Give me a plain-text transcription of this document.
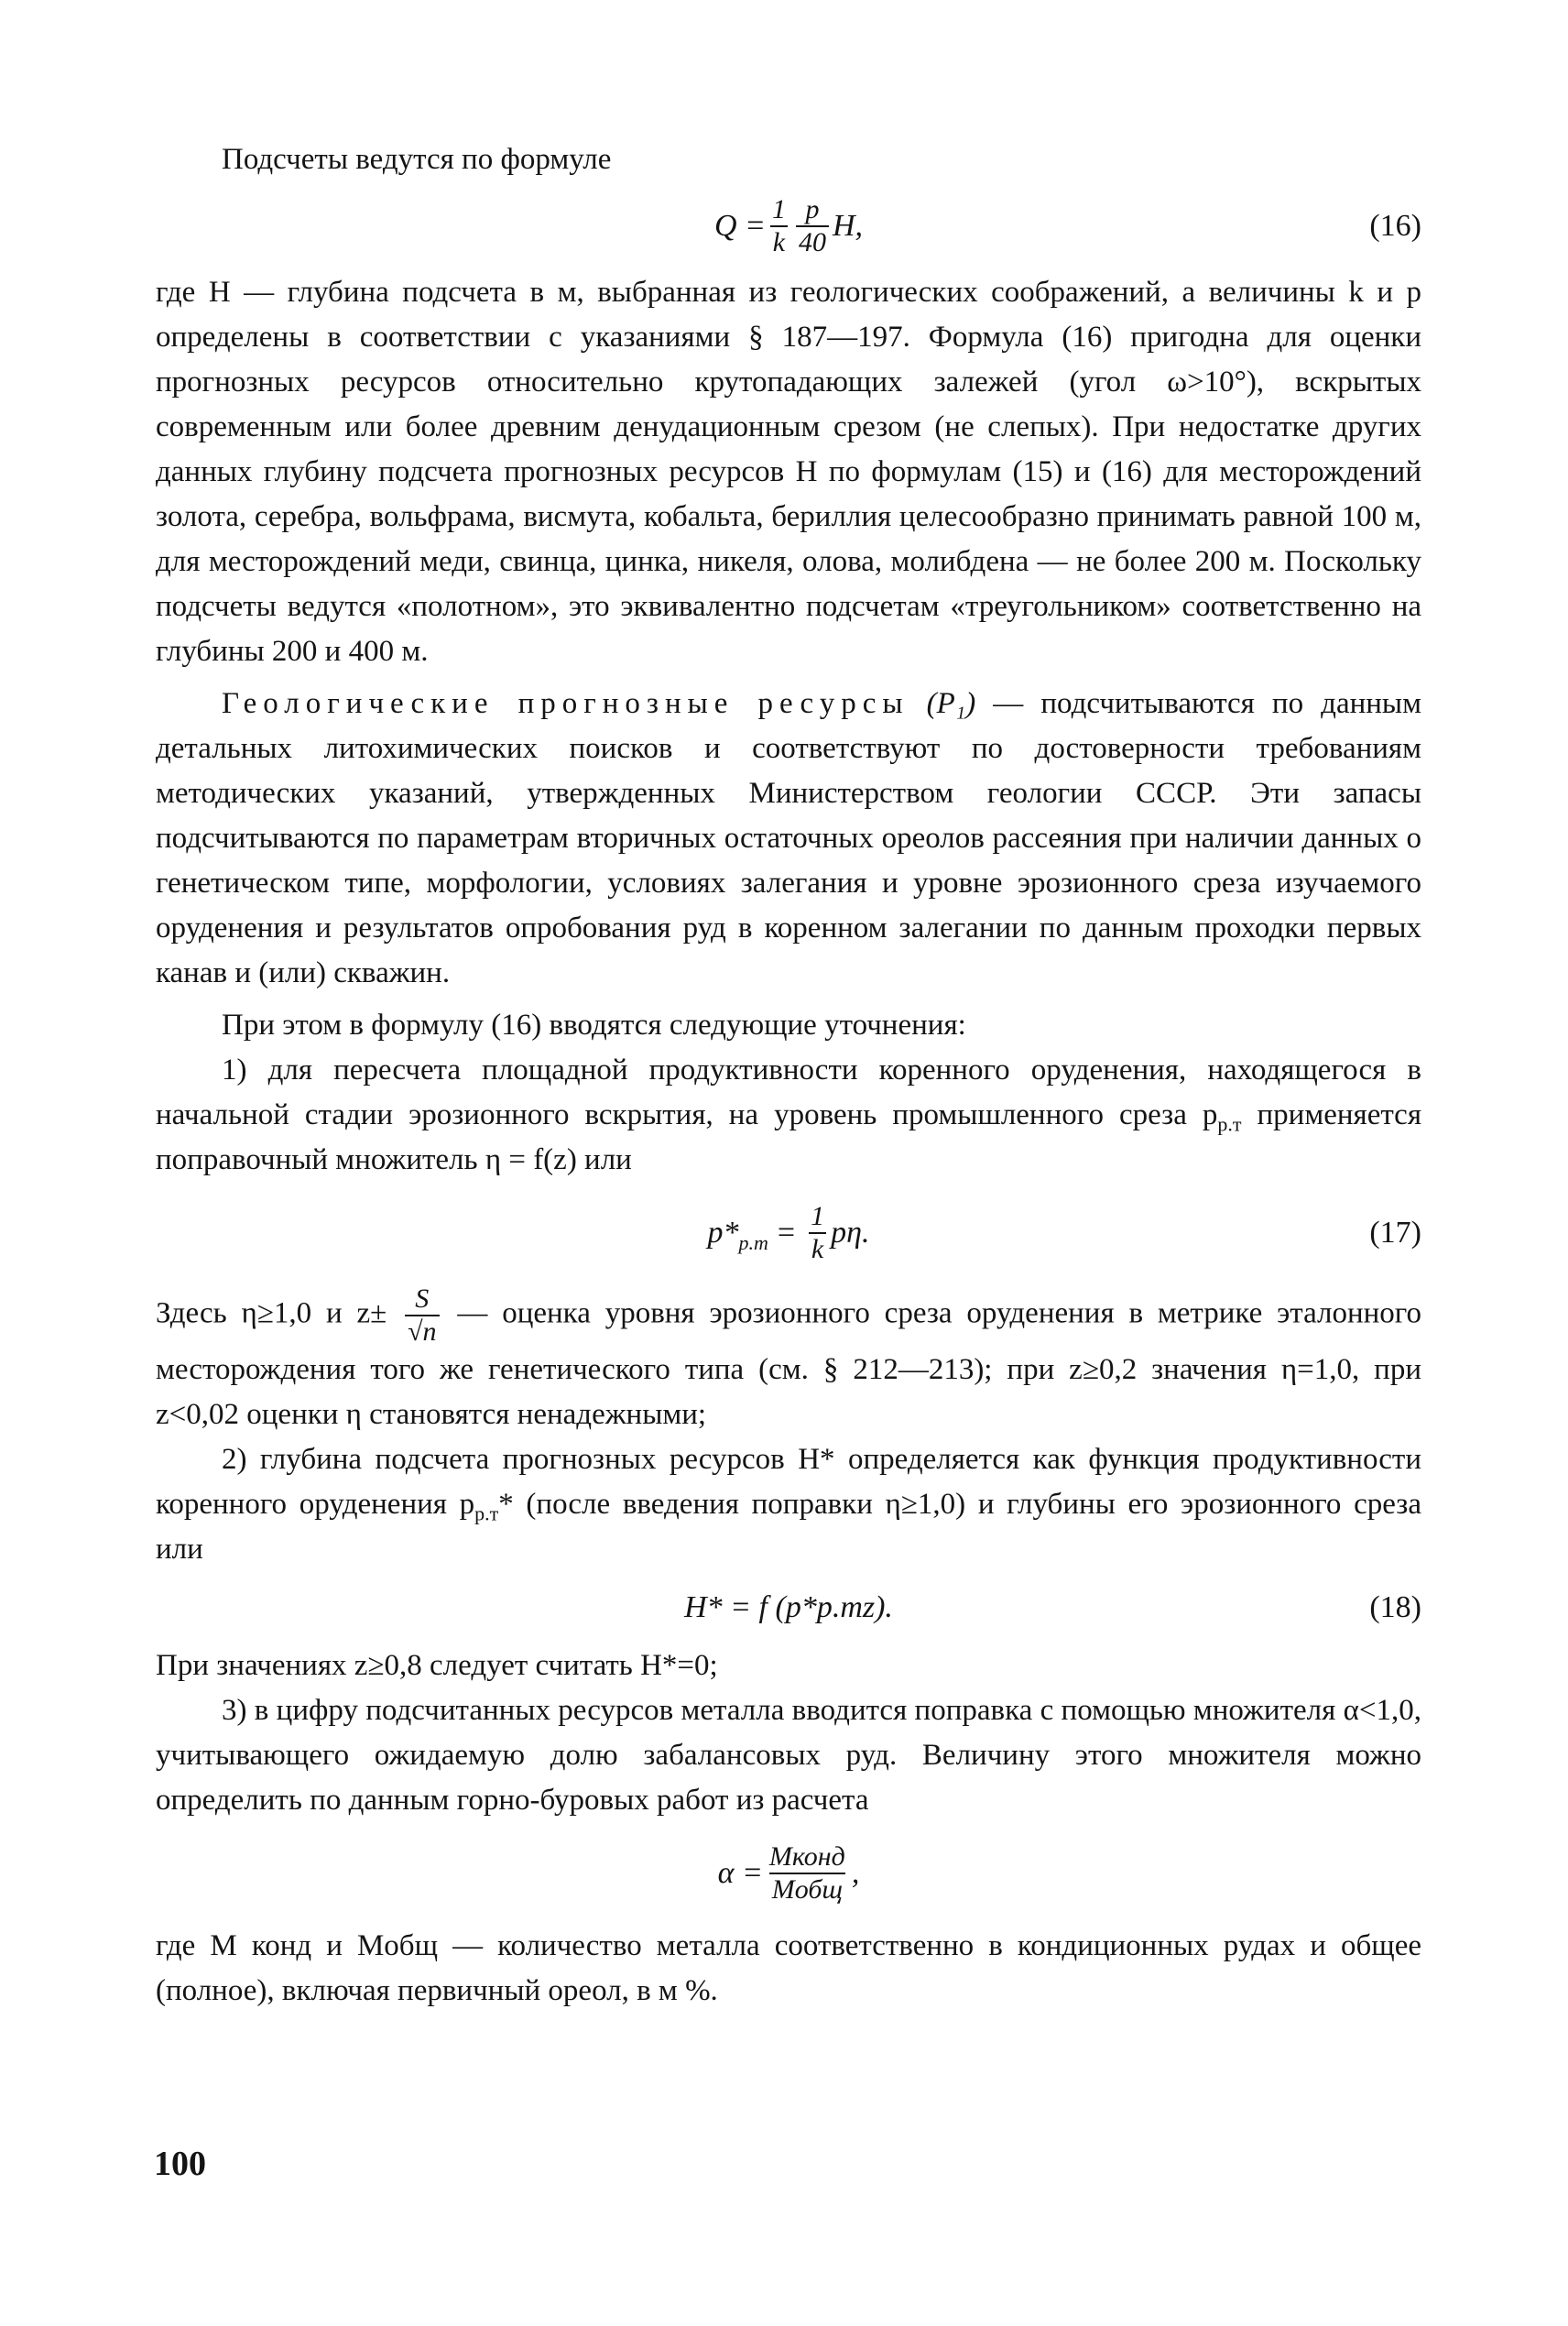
Подсчеты ведутся по формуле

$Q = \frac{1}{k} \frac{p}{40} H$,	(16)

где H — глубина подсчета в м, выбранная из геологических соображений, а величины k и p определены в соответствии с указаниями § 187—197. Формула (16) пригодна для оценки прогнозных ресурсов относительно крутопадающих залежей (угол ω>10°), вскрытых современным или более древним денудационным срезом (не слепых). При недостатке других данных глубину подсчета прогнозных ресурсов H по формулам (15) и (16) для месторождений золота, серебра, вольфрама, висмута, кобальта, бериллия целесообразно принимать равной 100 м, для месторождений меди, свинца, цинка, никеля, олова, молибдена — не более 200 м. Поскольку подсчеты ведутся «полотном», это эквивалентно подсчетам «треугольником» соответственно на глубины 200 и 400 м.

Геологические прогнозные ресурсы (P₁) — подсчитываются по данным детальных литохимических поисков и соответствуют по достоверности требованиям методических указаний, утвержденных Министерством геологии СССР. Эти запасы подсчитываются по параметрам вторичных остаточных ореолов рассеяния при наличии данных о генетическом типе, морфологии, условиях залегания и уровне эрозионного среза изучаемого оруденения и результатов опробования руд в коренном залегании по данным проходки первых канав и (или) скважин.

При этом в формулу (16) вводятся следующие уточнения:

1) для пересчета площадной продуктивности коренного оруденения, находящегося в начальной стадии эрозионного вскрытия, на уровень промышленного среза $p_{р.т}$ применяется поправочный множитель η = f(z) или

$p*_{р.т} = \frac{1}{k} p\eta$.	(17)

Здесь η≥1,0 и $z\pm \frac{S}{√n}$ — оценка уровня эрозионного среза оруденения в метрике эталонного месторождения того же генетического типа (см. § 212—213); при z≥0,2 значения η=1,0, при z<0,02 оценки η становятся ненадежными;

2) глубина подсчета прогнозных ресурсов H* определяется как функция продуктивности коренного оруденения $p_{р.т}*$ (после введения поправки η≥1,0) и глубины его эрозионного среза или

H* = f (p*р.тz).	(18)

При значениях z≥0,8 следует считать H*=0;

3) в цифру подсчитанных ресурсов металла вводится поправка с помощью множителя α<1,0, учитывающего ожидаемую долю забалансовых руд. Величину этого множителя можно определить по данным горно-буровых работ из расчета

$\alpha = \frac{\text{Mконд}}{\text{Mобщ}}$ ,

где M конд и Mобщ — количество металла соответственно в кондиционных рудах и общее (полное), включая первичный ореол, в м %.

100
